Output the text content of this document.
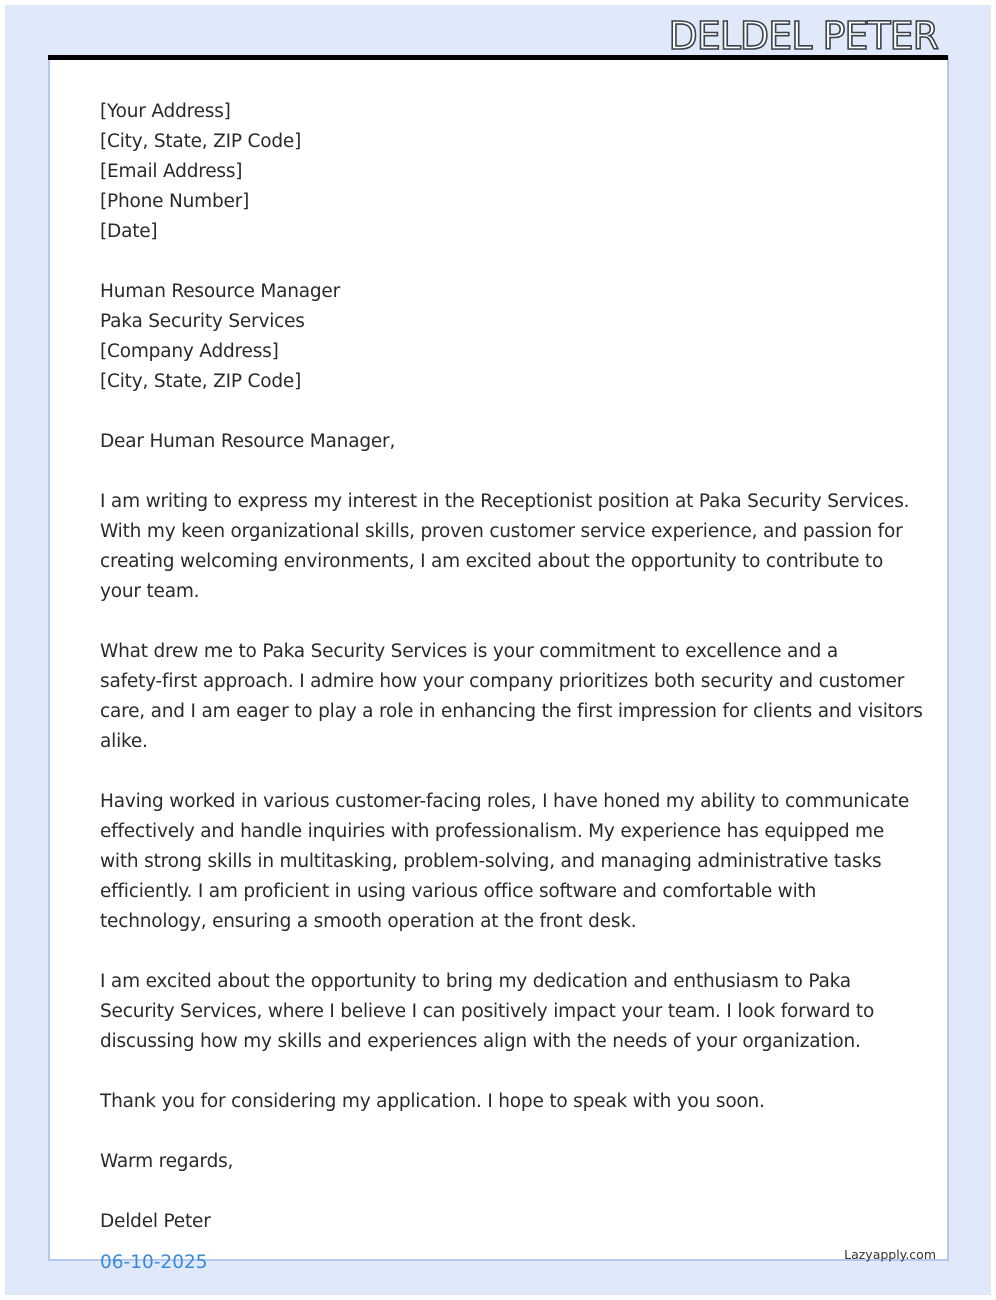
DELDEL PETER
[Your Address]
[City, State, ZIP Code]
[Email Address]
[Phone Number]
[Date]
Human Resource Manager
Paka Security Services
[Company Address]
[City, State, ZIP Code]
Dear Human Resource Manager,
I am writing to express my interest in the Receptionist position at Paka Security Services.
With my keen organizational skills, proven customer service experience, and passion for
creating welcoming environments, I am excited about the opportunity to contribute to
your team.
What drew me to Paka Security Services is your commitment to excellence and a
safety-first approach. I admire how your company prioritizes both security and customer
care, and I am eager to play a role in enhancing the first impression for clients and visitors
alike.
Having worked in various customer-facing roles, I have honed my ability to communicate
effectively and handle inquiries with professionalism. My experience has equipped me
with strong skills in multitasking, problem-solving, and managing administrative tasks
efficiently. I am proficient in using various office software and comfortable with
technology, ensuring a smooth operation at the front desk.
I am excited about the opportunity to bring my dedication and enthusiasm to Paka
Security Services, where I believe I can positively impact your team. I look forward to
discussing how my skills and experiences align with the needs of your organization.
Thank you for considering my application. I hope to speak with you soon.
Warm regards,
Deldel Peter
06-10-2025	Lazyapply.com
